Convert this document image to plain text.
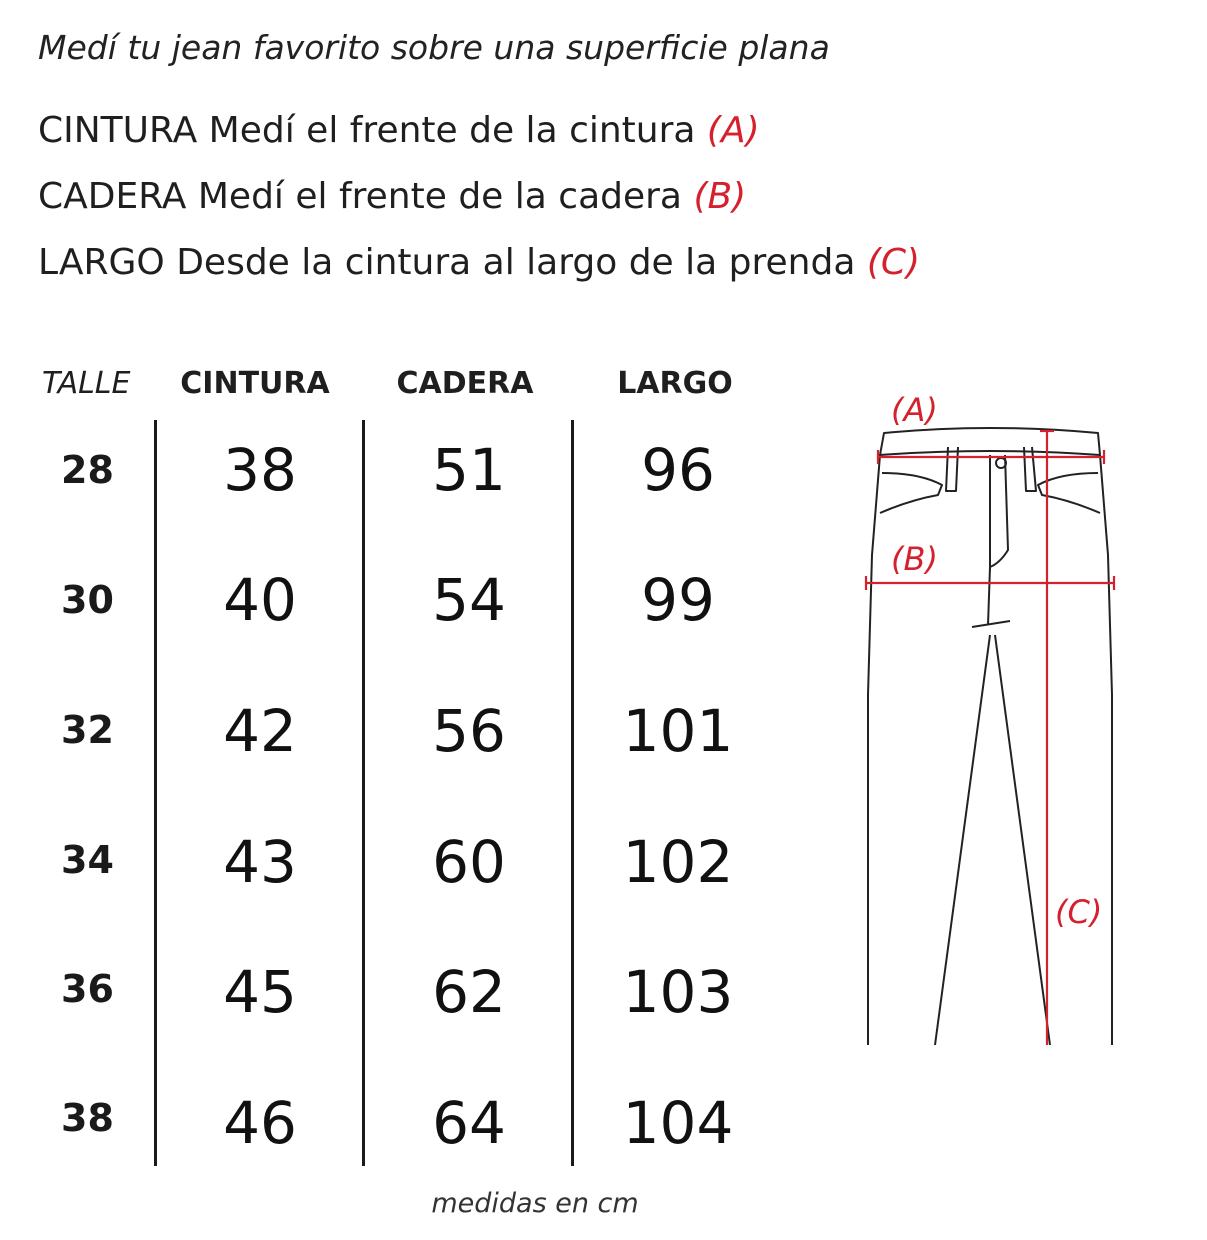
Medí tu jean favorito sobre una superficie plana
CINTURA Medí el frente de la cintura (A)
CADERA Medí el frente de la cadera (B)
LARGO Desde la cintura al largo de la prenda (C)
TALLE	CINTURA	CADERA	LARGO
28	38	51	96
30	40	54	99
32	42	56	101
34	43	60	102
36	45	62	103
38	46	64	104
(A)
(B)
(C)
medidas en cm
